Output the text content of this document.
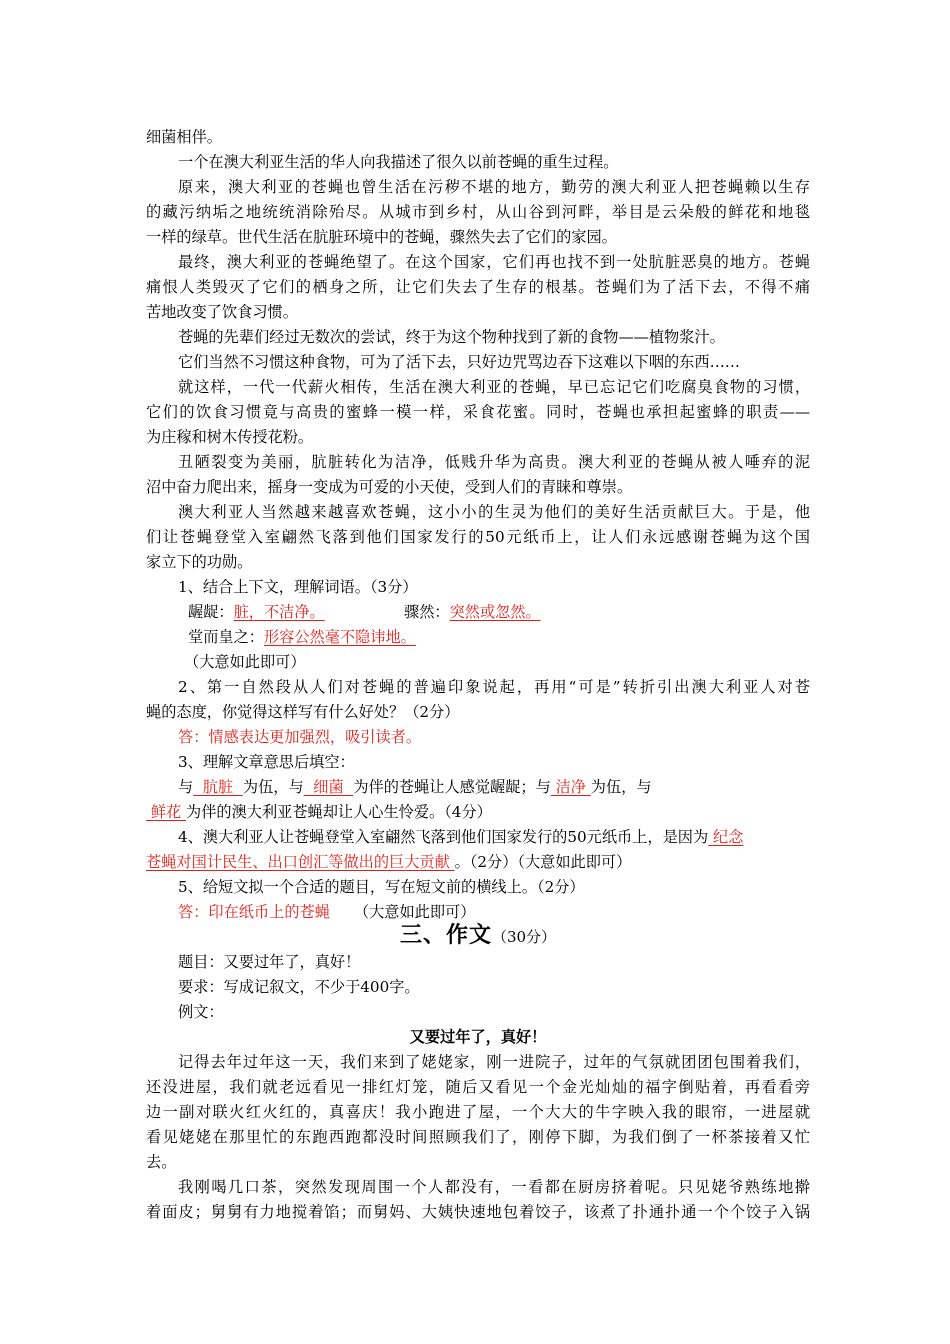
细菌相伴。
一个在澳大利亚生活的华人向我描述了很久以前苍蝇的重生过程。
原来，澳大利亚的苍蝇也曾生活在污秽不堪的地方，勤劳的澳大利亚人把苍蝇赖以生存
的藏污纳垢之地统统消除殆尽。从城市到乡村，从山谷到河畔，举目是云朵般的鲜花和地毯
一样的绿草。世代生活在肮脏环境中的苍蝇，骤然失去了它们的家园。
最终，澳大利亚的苍蝇绝望了。在这个国家，它们再也找不到一处肮脏恶臭的地方。苍蝇
痛恨人类毁灭了它们的栖身之所，让它们失去了生存的根基。苍蝇们为了活下去，不得不痛
苦地改变了饮食习惯。
苍蝇的先辈们经过无数次的尝试，终于为这个物种找到了新的食物——植物浆汁。
它们当然不习惯这种食物，可为了活下去，只好边咒骂边吞下这难以下咽的东西……
就这样，一代一代薪火相传，生活在澳大利亚的苍蝇，早已忘记它们吃腐臭食物的习惯，
它们的饮食习惯竟与高贵的蜜蜂一模一样，采食花蜜。同时，苍蝇也承担起蜜蜂的职责——
为庄稼和树木传授花粉。
丑陋裂变为美丽，肮脏转化为洁净，低贱升华为高贵。澳大利亚的苍蝇从被人唾弃的泥
沼中奋力爬出来，摇身一变成为可爱的小天使，受到人们的青睐和尊崇。
澳大利亚人当然越来越喜欢苍蝇，这小小的生灵为他们的美好生活贡献巨大。于是，他
们让苍蝇登堂入室翩然飞落到他们国家发行的50元纸币上，让人们永远感谢苍蝇为这个国
家立下的功勋。
1、结合上下文，理解词语。（3分）
龌龊：脏，不洁净。	骤然：突然或忽然。
堂而皇之：形容公然毫不隐讳地。
（大意如此即可）
2、第一自然段从人们对苍蝇的普遍印象说起，再用“可是”转折引出澳大利亚人对苍
蝇的态度，你觉得这样写有什么好处？（2分）
答：情感表达更加强烈，吸引读者。
3、理解文章意思后填空：
与  肮脏  为伍，与  细菌  为伴的苍蝇让人感觉龌龊；与 洁净 为伍，与
鲜花 为伴的澳大利亚苍蝇却让人心生怜爱。（4分）
4、澳大利亚人让苍蝇登堂入室翩然飞落到他们国家发行的50元纸币上，是因为 纪念
苍蝇对国计民生、出口创汇等做出的巨大贡献 。（2分）（大意如此即可）
5、给短文拟一个合适的题目，写在短文前的横线上。（2分）
答：印在纸币上的苍蝇 （大意如此即可）
三、作文（30分）
题目：又要过年了，真好！
要求：写成记叙文，不少于400字。
例文：
又要过年了，真好！
记得去年过年这一天，我们来到了姥姥家，刚一进院子，过年的气氛就团团包围着我们，
还没进屋，我们就老远看见一排红灯笼，随后又看见一个金光灿灿的福字倒贴着，再看看旁
边一副对联火红火红的，真喜庆！我小跑进了屋，一个大大的牛字映入我的眼帘，一进屋就
看见姥姥在那里忙的东跑西跑都没时间照顾我们了，刚停下脚，为我们倒了一杯茶接着又忙
去。
我刚喝几口茶，突然发现周围一个人都没有，一看都在厨房挤着呢。只见姥爷熟练地擀
着面皮；舅舅有力地搅着馅；而舅妈、大姨快速地包着饺子，该煮了扑通扑通一个个饺子入锅
